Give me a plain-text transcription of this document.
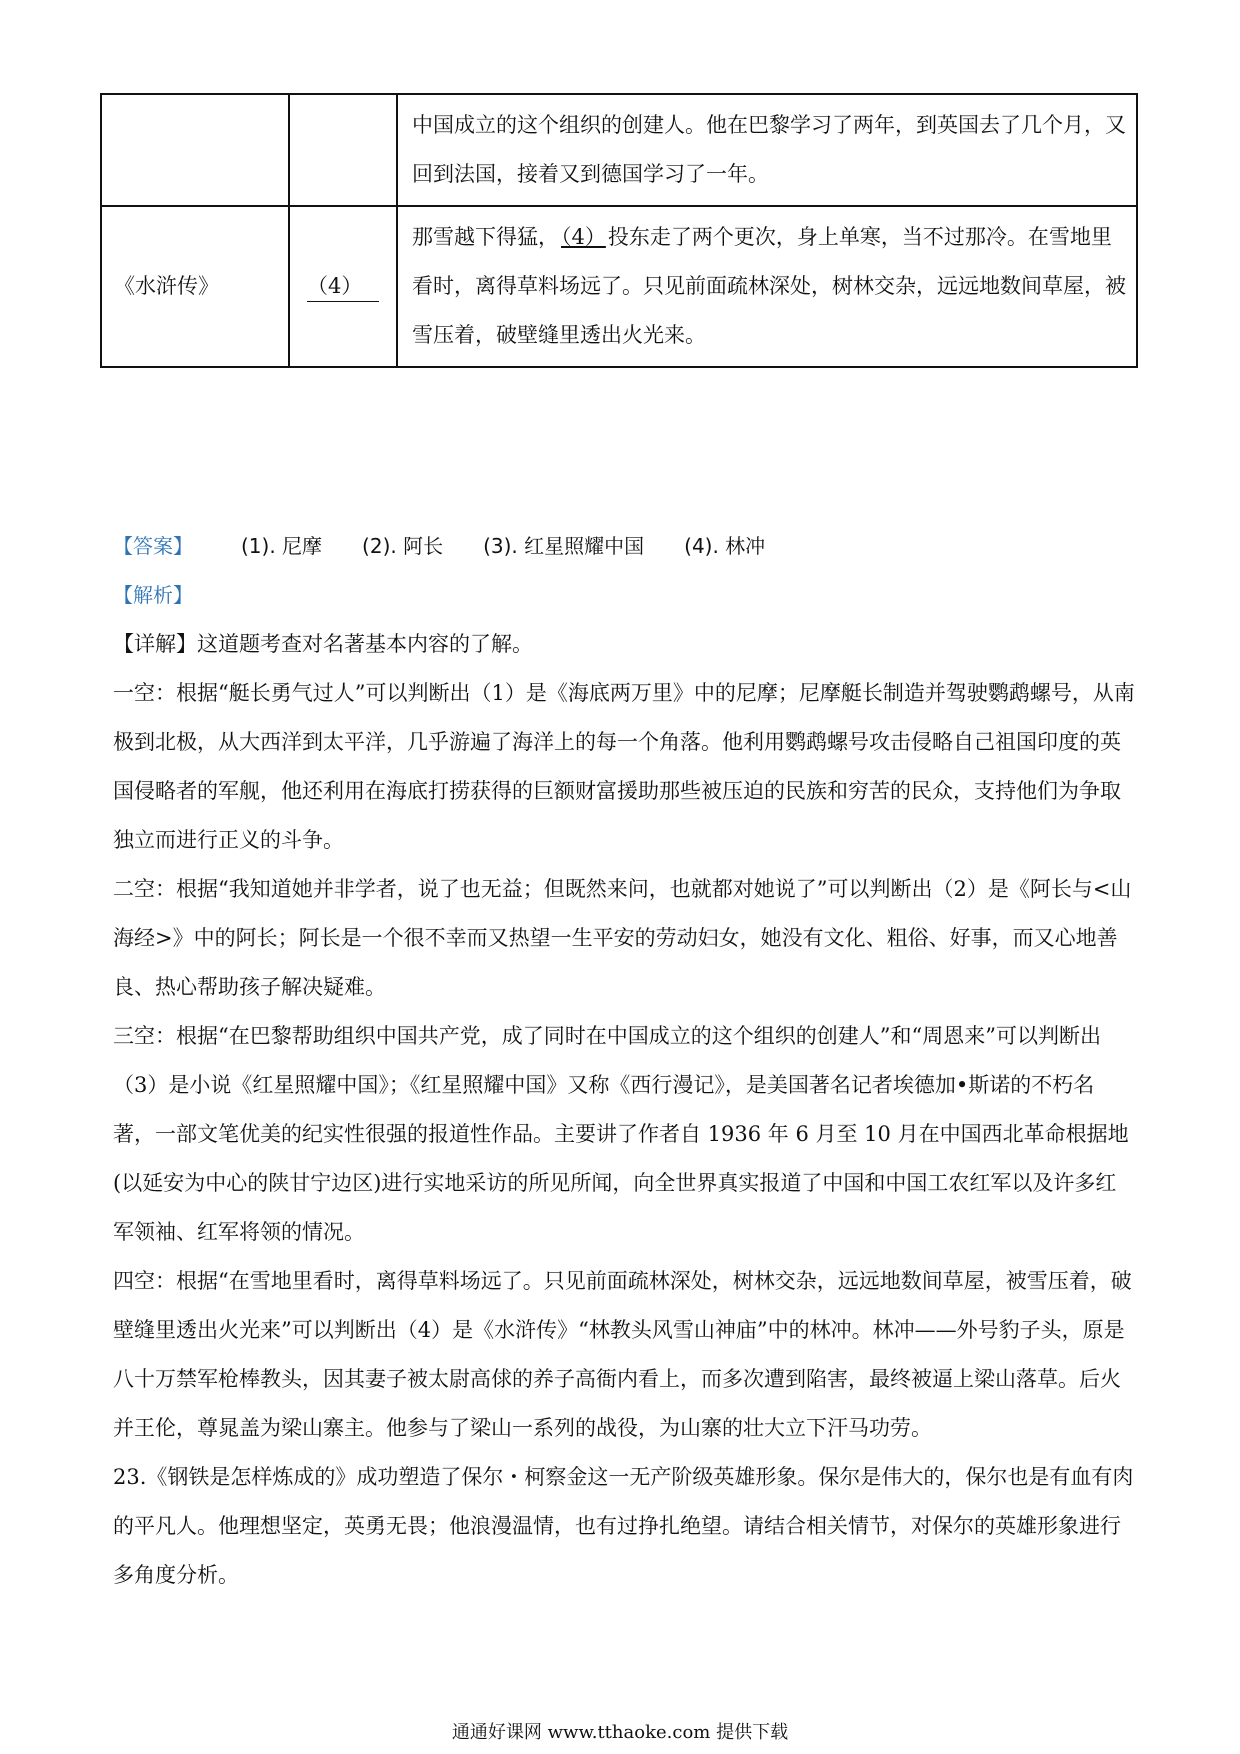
		中国成立的这个组织的创建人。他在巴黎学习了两年，到英国去了几个月，又回到法国，接着又到德国学习了一年。
《水浒传》	（4）	那雪越下得猛，（4）投东走了两个更次，身上单寒，当不过那冷。在雪地里看时，离得草料场远了。只见前面疏林深处，树林交杂，远远地数间草屋，被雪压着，破壁缝里透出火光来。

【答案】 (1). 尼摩 (2). 阿长 (3). 红星照耀中国 (4). 林冲

【解析】

【详解】这道题考查对名著基本内容的了解。

一空：根据“艇长勇气过人”可以判断出（1）是《海底两万里》中的尼摩；尼摩艇长制造并驾驶鹦鹉螺号，从南极到北极，从大西洋到太平洋，几乎游遍了海洋上的每一个角落。他利用鹦鹉螺号攻击侵略自己祖国印度的英国侵略者的军舰，他还利用在海底打捞获得的巨额财富援助那些被压迫的民族和穷苦的民众，支持他们为争取独立而进行正义的斗争。

二空：根据“我知道她并非学者，说了也无益；但既然来问，也就都对她说了”可以判断出（2）是《阿长与<山海经>》中的阿长；阿长是一个很不幸而又热望一生平安的劳动妇女，她没有文化、粗俗、好事，而又心地善良、热心帮助孩子解决疑难。

三空：根据“在巴黎帮助组织中国共产党，成了同时在中国成立的这个组织的创建人”和“周恩来”可以判断出（3）是小说《红星照耀中国》；《红星照耀中国》又称《西行漫记》，是美国著名记者埃德加•斯诺的不朽名著，一部文笔优美的纪实性很强的报道性作品。主要讲了作者自 1936 年 6 月至 10 月在中国西北革命根据地(以延安为中心的陕甘宁边区)进行实地采访的所见所闻，向全世界真实报道了中国和中国工农红军以及许多红军领袖、红军将领的情况。

四空：根据“在雪地里看时，离得草料场远了。只见前面疏林深处，树林交杂，远远地数间草屋，被雪压着，破壁缝里透出火光来”可以判断出（4）是《水浒传》“林教头风雪山神庙”中的林冲。林冲——外号豹子头，原是八十万禁军枪棒教头，因其妻子被太尉高俅的养子高衙内看上，而多次遭到陷害，最终被逼上梁山落草。后火并王伦，尊晁盖为梁山寨主。他参与了梁山一系列的战役，为山寨的壮大立下汗马功劳。

23.《钢铁是怎样炼成的》成功塑造了保尔・柯察金这一无产阶级英雄形象。保尔是伟大的，保尔也是有血有肉的平凡人。他理想坚定，英勇无畏；他浪漫温情，也有过挣扎绝望。请结合相关情节，对保尔的英雄形象进行多角度分析。

通通好课网 www.tthaoke.com 提供下载
